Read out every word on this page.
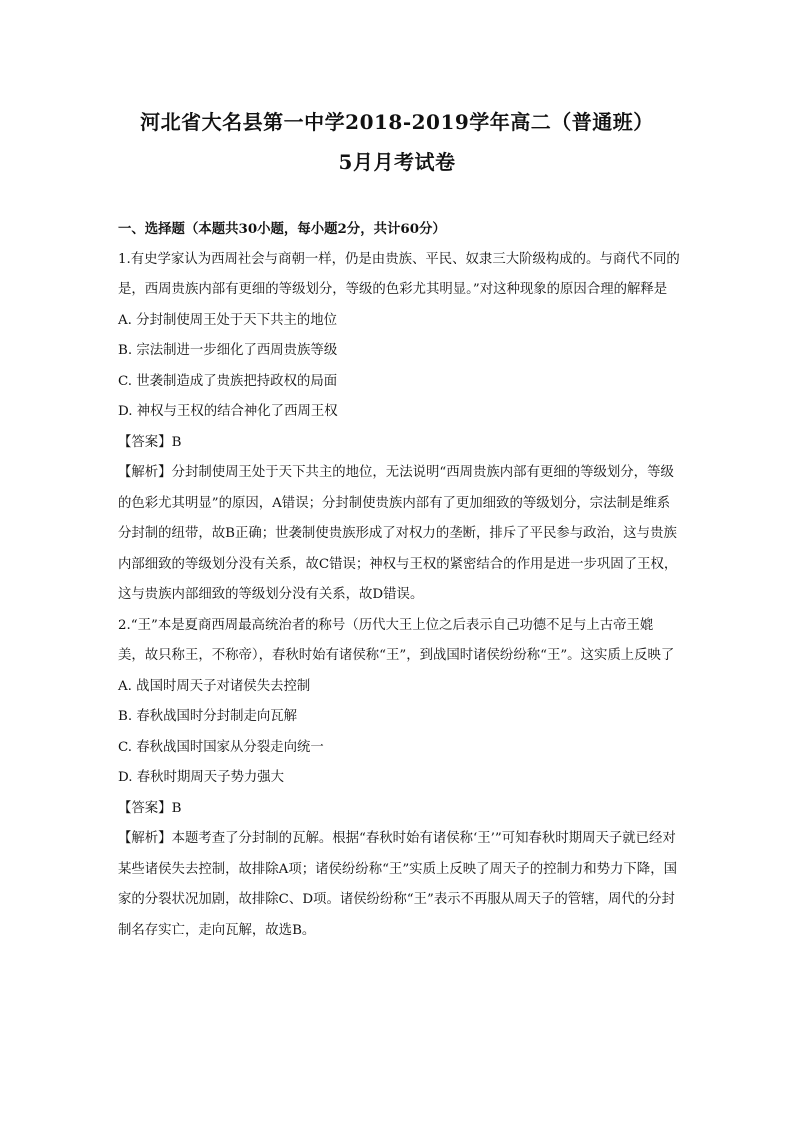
河北省大名县第一中学2018-2019学年高二（普通班）
5月月考试卷

一、选择题（本题共30小题，每小题2分，共计60分）

1.有史学家认为西周社会与商朝一样，仍是由贵族、平民、奴隶三大阶级构成的。与商代不同的是，西周贵族内部有更细的等级划分，等级的色彩尤其明显。”对这种现象的原因合理的解释是

A. 分封制使周王处于天下共主的地位

B. 宗法制进一步细化了西周贵族等级

C. 世袭制造成了贵族把持政权的局面

D. 神权与王权的结合神化了西周王权

【答案】B

【解析】分封制使周王处于天下共主的地位，无法说明“西周贵族内部有更细的等级划分，等级的色彩尤其明显”的原因，A错误；分封制使贵族内部有了更加细致的等级划分，宗法制是维系分封制的纽带，故B正确；世袭制使贵族形成了对权力的垄断，排斥了平民参与政治，这与贵族内部细致的等级划分没有关系，故C错误；神权与王权的紧密结合的作用是进一步巩固了王权，这与贵族内部细致的等级划分没有关系，故D错误。

2.“王”本是夏商西周最高统治者的称号（历代大王上位之后表示自己功德不足与上古帝王媲美，故只称王，不称帝），春秋时始有诸侯称“王”，到战国时诸侯纷纷称“王”。这实质上反映了

A. 战国时周天子对诸侯失去控制

B. 春秋战国时分封制走向瓦解

C. 春秋战国时国家从分裂走向统一

D. 春秋时期周天子势力强大

【答案】B

【解析】本题考查了分封制的瓦解。根据“春秋时始有诸侯称‘王’”可知春秋时期周天子就已经对某些诸侯失去控制，故排除A项；诸侯纷纷称“王”实质上反映了周天子的控制力和势力下降，国家的分裂状况加剧，故排除C、D项。诸侯纷纷称“王”表示不再服从周天子的管辖，周代的分封制名存实亡，走向瓦解，故选B。
